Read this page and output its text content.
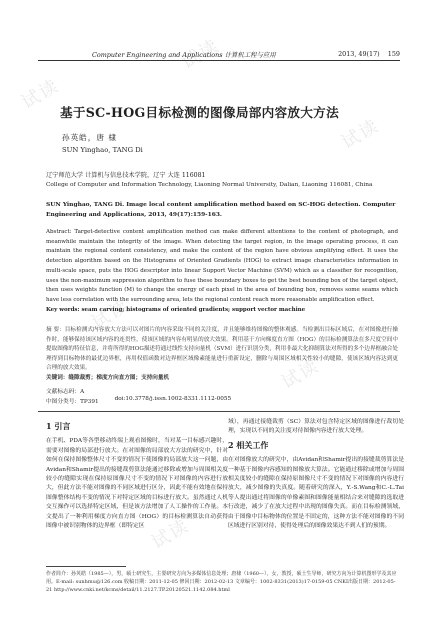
试读
试读
试读
试读
试读
试读
Computer Engineering and Applications 计算机工程与应用	2013, 49(17) 159
基于SC-HOG目标检测的图像局部内容放大方法
孙英皓，唐 棣
SUN Yinghao, TANG Di
辽宁师范大学 计算机与信息技术学院，辽宁 大连 116081
College of Computer and Information Technology, Liaoning Normal University, Dalian, Liaoning 116081, China
SUN Yinghao, TANG Di. Image local content amplification method based on SC-HOG detection. Computer Engineering and Applications, 2013, 49(17):159-163.
Abstract: Target-detective content amplification method can make different attentions to the content of photograph, and meanwhile maintain the integrity of the image. When detecting the target region, in the image operating process, it can maintain the regional content consistency, and make the content of the region have obvious amplifying effect. It uses the detection algorithm based on the Histograms of Oriented Gradients (HOG) to extract image characteristics information in multi-scale space, puts the HOG descriptor into linear Support Vector Machine (SVM) which as a classifier for recognition, uses the non-maximum suppression algorithm to fuse these boundary boxes to get the best bounding box of the target object, then uses weights function (M) to change the energy of each pixel in the area of bounding box, removes some seams which have less correlation with the surrounding area, lets the regional content reach more reasonable amplification effect.
Key words: seam carving; histograms of oriented gradients; support vector machine
摘 要：目标检测式内容放大方法可以对图片的内容采取不同的关注度，并且能够维持图像的整体观感。当检测出目标区域后，在对图像进行操作时，能够保持该区域内容的连贯性，使该区域的内容有明显的放大效果。利用基于方向梯度直方图（HOG）的目标检测算法在多尺度空间中提取图像的特征信息，并将所得的HOG描述符通过线性支持向量机（SVM）进行识别分类，利用非最大化抑制算法对所得的多个边界框融合处理得到目标物体的最优边界框，再用权值函数对边界框区域像素能量进行重新设定，删除与周围区域相关性较小的缝隙，使该区域内容达到更合理的放大效果。
关键词：缝隙裁剪；梯度方向直方图；支持向量机
文献标志码：A
中图分类号：TP391	doi:10.3778/j.issn.1002-8331.1112-0055
1 引言
在手机、PDA等各型移动终端上观看图像时，当对某一目标感兴趣时，需要对图像的局部进行放大。在对图像的局部放大方法的研究中，针对如何在保持图像整体尺寸不变的情况下使图像的局部放大这一问题，由Avidan和Shamir提出的接缝裁剪算法能通过移除或增加与周围相关度较小的缝隙实现在保持原图像尺寸不变的情况下对图像的内容进行放大，但此方法不能对图像的不同区域进行区分，因此不能有效地在保持图像整体结构不变的情况下对特定区域的目标进行放大。虽然通过人机交互操作可以选择特定区域，但是该方法增加了人工操作的工作量。本文提出了一种利用梯度方向直方图（HOG）的目标检测算法自动获得图像中被识别物体的边界框（即特定区
域），再通过接缝裁剪（SC）算法对包含特定区域的图像进行裁切处理，实现以不同的关注度对待图像内容进行放大处理。
2 相关工作
在对图像放大的研究中，由Avidan和Shamir提出的接缝裁剪算法是一种基于图像内容感知的图像放大算法。它能通过移除或增加与周围相关度较小的缝隙在保持原图像尺寸不变的情况下对图像的内容进行放大，减少图像的失真度。随着研究的深入，Y.-S.Wang和C.-L.Tai等人提出通过将图像的单像素图和图像能量相结合来对缝隙的选取进行改进，减少了在放大过程中出现的图像失真。而在目标检测领域，由于图像中目标物体的位置是不固定的，这种方法不能对图像的不同区域进行区别对待，使得处理后的图像效果达不到人们的预期。
作者简介：孙英皓（1985—），男，硕士研究生，主要研究方向为多媒体信息处理；唐棣（1960—），女，教授，硕士生导师，研究方向为计算机图形学及其应用。E-mail: sunhmu@126.com 收稿日期：2011-12-05 修回日期：2012-02-13 文章编号：1002-8331(2013)17-0159-05 CNKI出版日期：2012-05-21 http://www.cnki.net/kcms/detail/11.2127.TP.20120521.1142.084.html
